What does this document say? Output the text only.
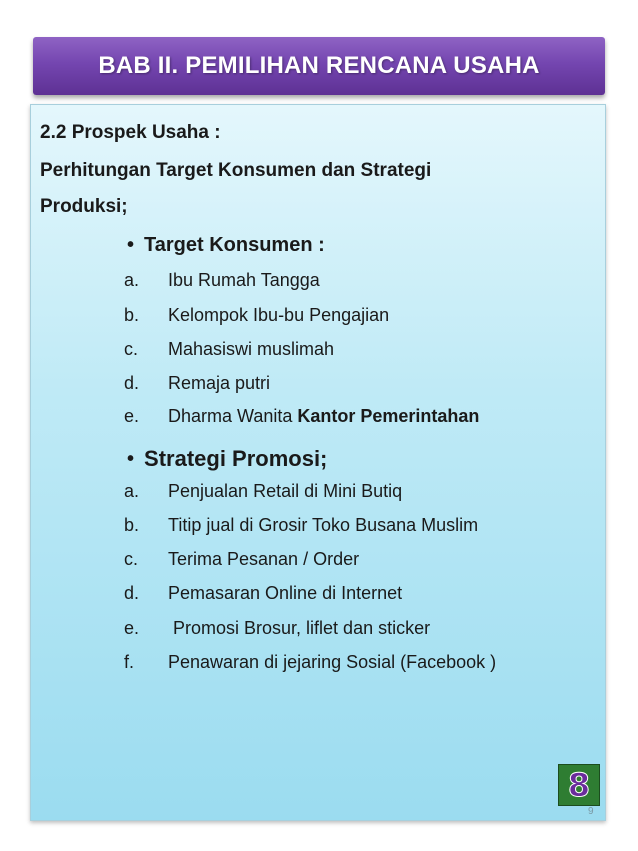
BAB II. PEMILIHAN RENCANA USAHA
2.2 Prospek Usaha :
Perhitungan Target Konsumen dan Strategi
Produksi;
• Target Konsumen :
a.	Ibu Rumah Tangga
b.	Kelompok Ibu-bu Pengajian
c.	Mahasiswi muslimah
d.	Remaja putri
e.	Dharma Wanita Kantor Pemerintahan
• Strategi Promosi;
a.	Penjualan Retail di Mini Butiq
b.	Titip jual di Grosir Toko Busana Muslim
c.	Terima Pesanan / Order
d.	Pemasaran Online di Internet
e.	Promosi Brosur, liflet dan sticker
f.	Penawaran di jejaring Sosial (Facebook )
8
9
